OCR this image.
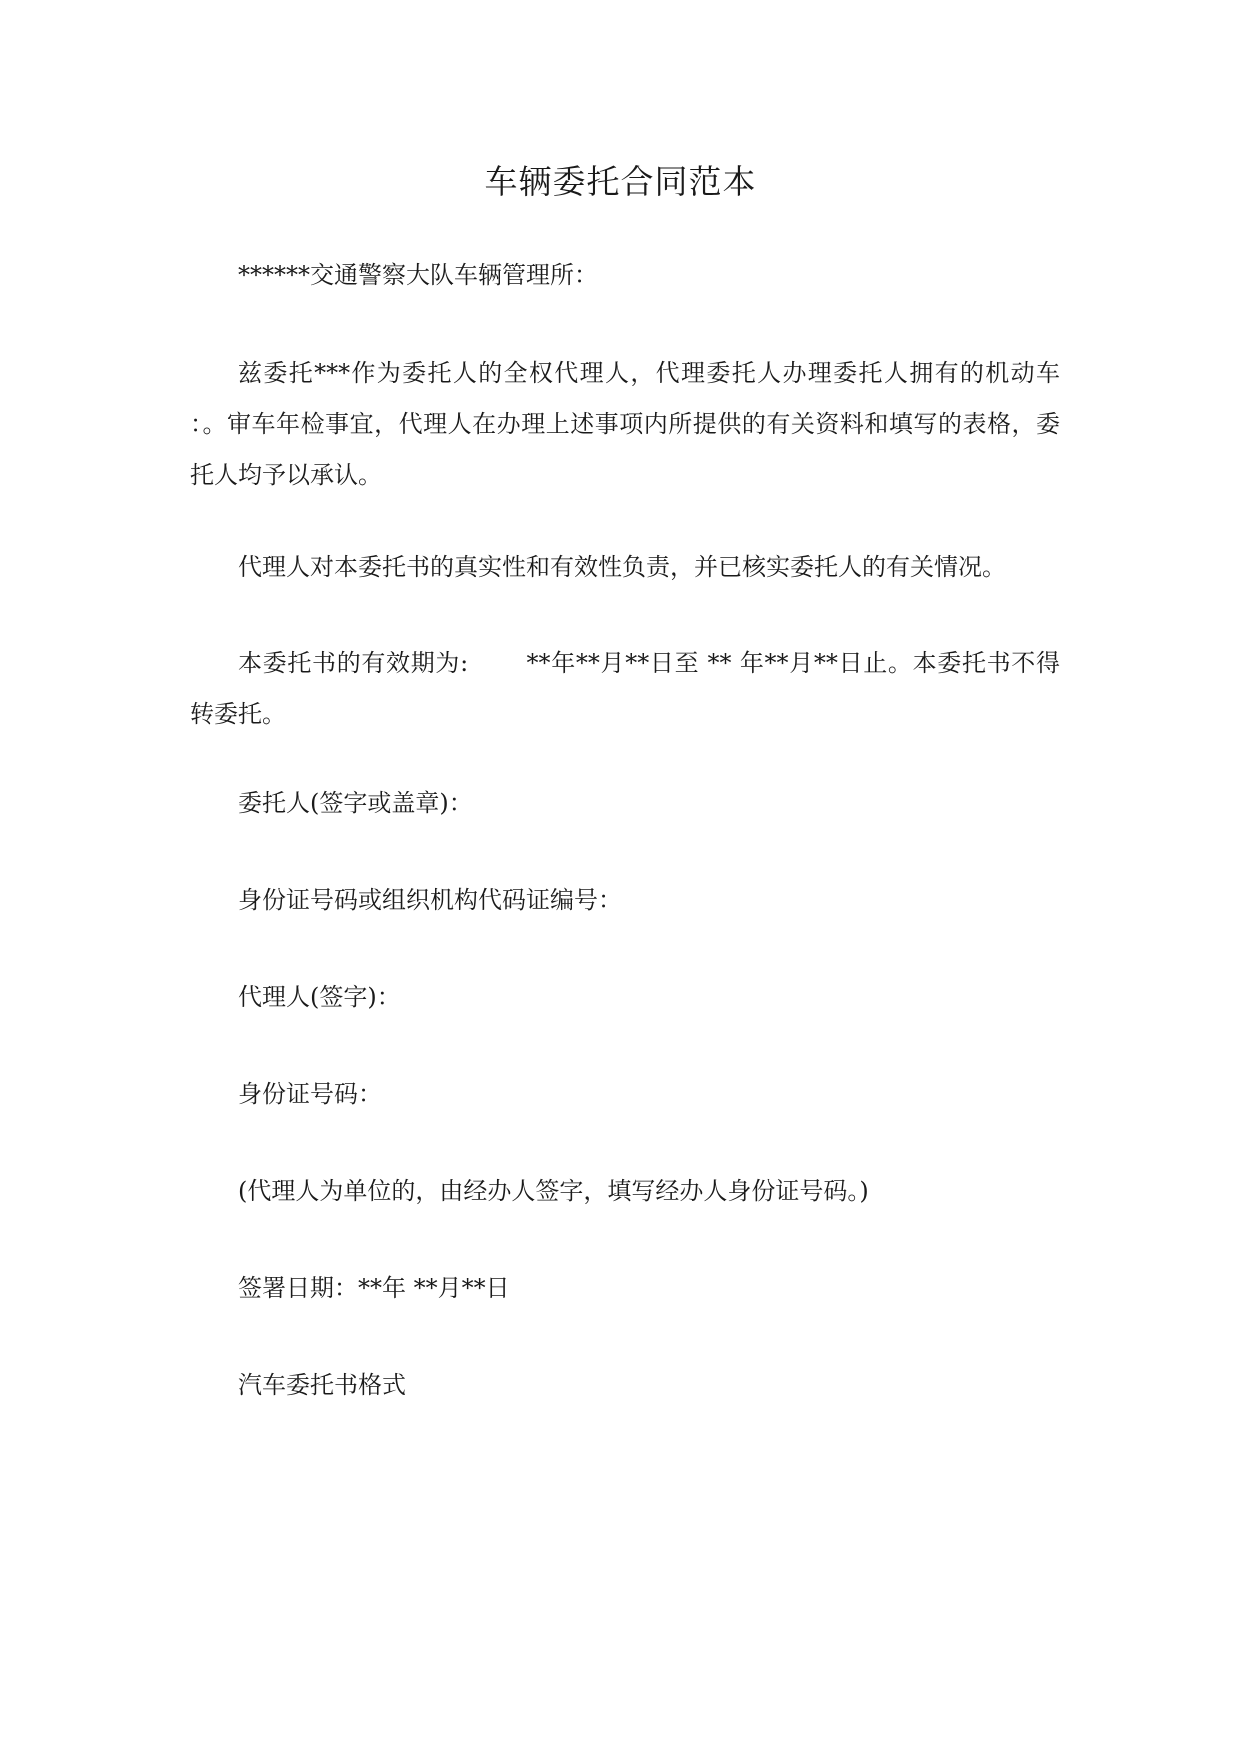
车辆委托合同范本
******交通警察大队车辆管理所：
兹委托***作为委托人的全权代理人，代理委托人办理委托人拥有的机动车 ：。审车年检事宜，代理人在办理上述事项内所提供的有关资料和填写的表格，委托人均予以承认。
代理人对本委托书的真实性和有效性负责，并已核实委托人的有关情况。
本委托书的有效期为:　　 **年**月**日至 ** 年**月**日止。本委托书不得转委托。
委托人(签字或盖章)：
身份证号码或组织机构代码证编号：
代理人(签字)：
身份证号码：
(代理人为单位的，由经办人签字，填写经办人身份证号码。)
签署日期：**年 **月**日
汽车委托书格式
